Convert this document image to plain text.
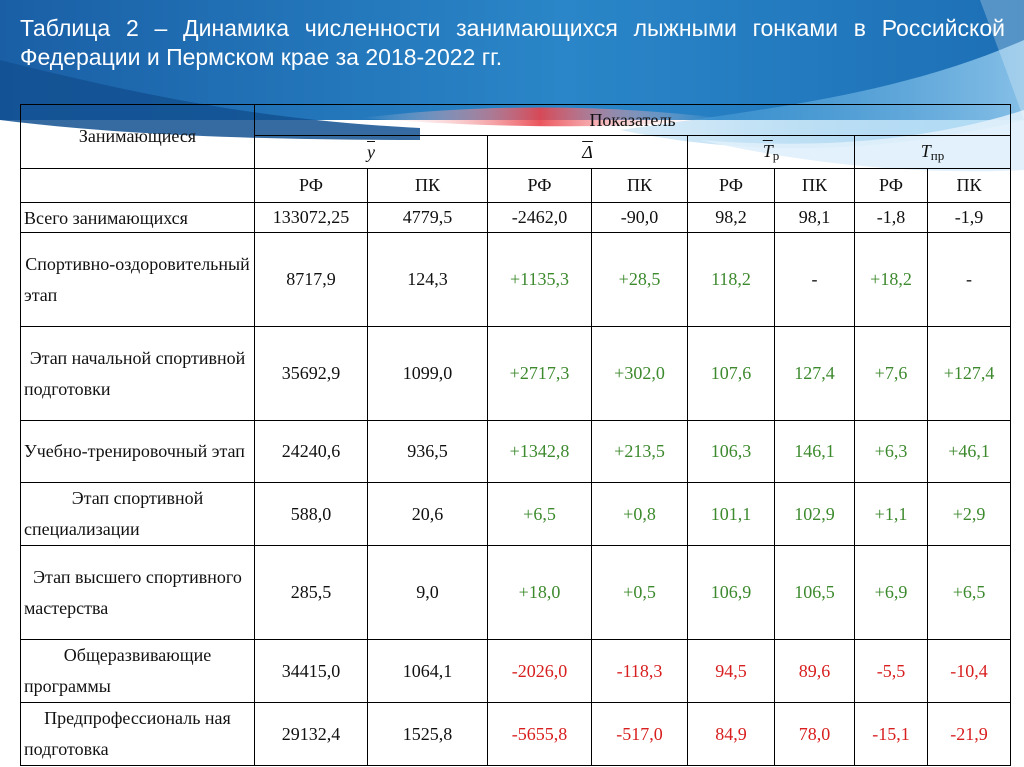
Таблица 2 – Динамика численности занимающихся лыжными гонками в Российской Федерации и Пермском крае за 2018-2022 гг.
Занимающиеся	Показатель							
	$\overline{y}$		$\overline{\Delta}$		$\overline{T}_р$		$T_{пр}$
	РФ	ПК	РФ	ПК	РФ	ПК	РФ	ПК
Всего занимающихся	133072,25	4779,5	-2462,0	-90,0	98,2	98,1	-1,8	-1,9
Спортивно-оздоровительный этап	8717,9	124,3	+1135,3	+28,5	118,2	-	+18,2	-
Этап начальной спортивной подготовки	35692,9	1099,0	+2717,3	+302,0	107,6	127,4	+7,6	+127,4
Учебно-тренировочный этап	24240,6	936,5	+1342,8	+213,5	106,3	146,1	+6,3	+46,1
Этап спортивной специализации	588,0	20,6	+6,5	+0,8	101,1	102,9	+1,1	+2,9
Этап высшего спортивного мастерства	285,5	9,0	+18,0	+0,5	106,9	106,5	+6,9	+6,5
Общеразвивающие программы	34415,0	1064,1	-2026,0	-118,3	94,5	89,6	-5,5	-10,4
Предпрофессиональ ная подготовка	29132,4	1525,8	-5655,8	-517,0	84,9	78,0	-15,1	-21,9
